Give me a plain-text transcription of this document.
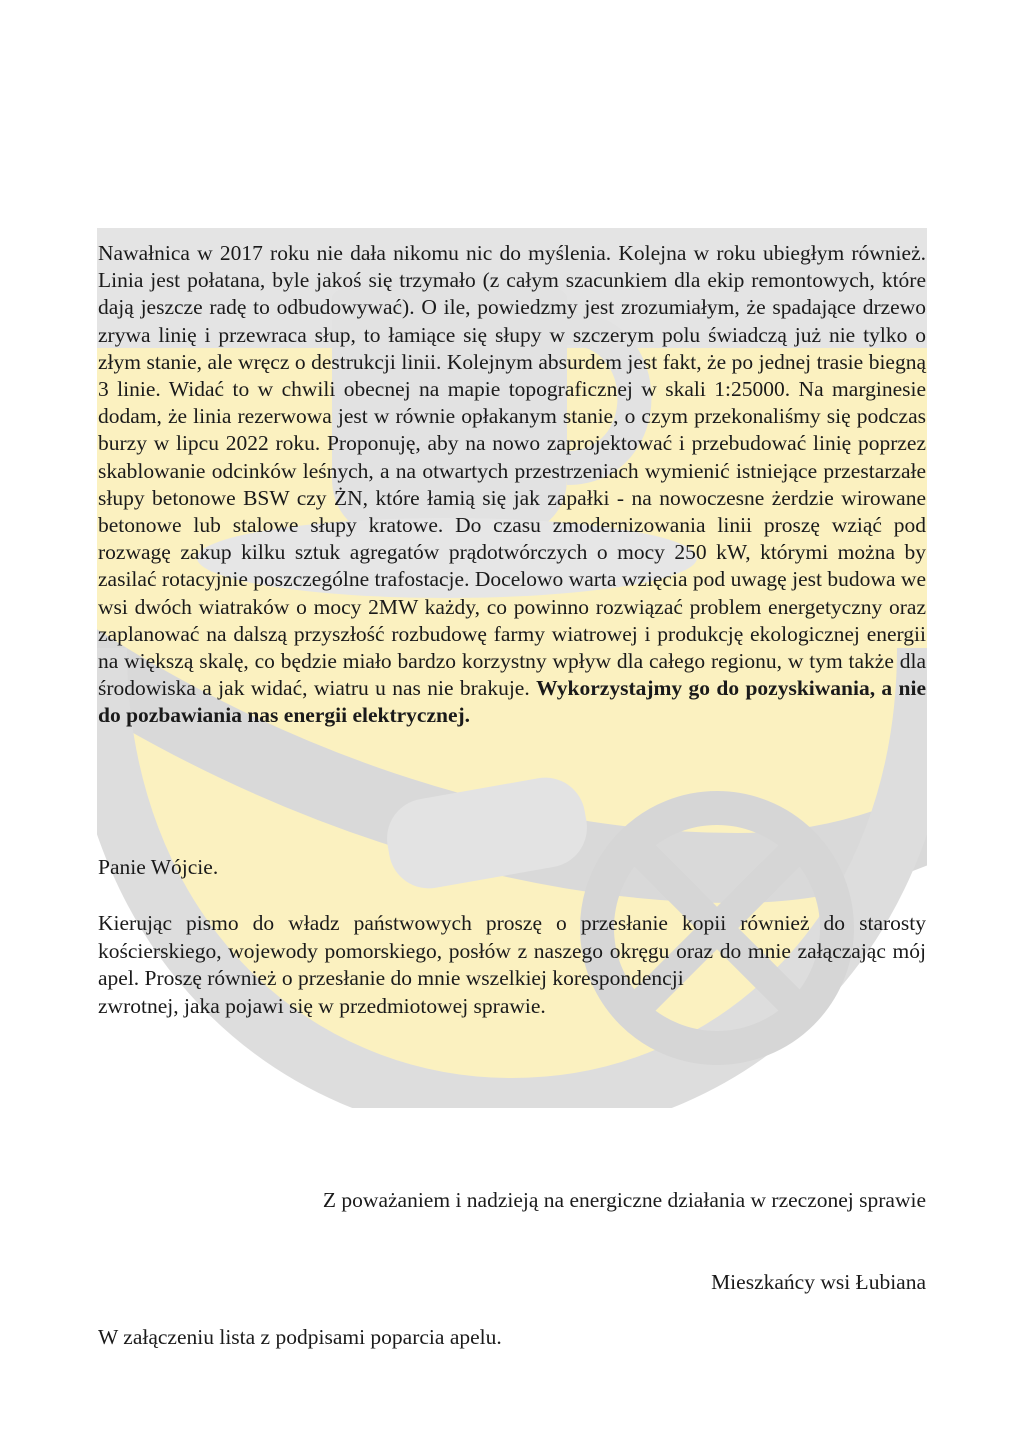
Nawałnica w 2017 roku nie dała nikomu nic do myślenia. Kolejna w roku ubiegłym również. Linia jest połatana, byle jakoś się trzymało (z całym szacunkiem dla ekip remontowych, które dają jeszcze radę to odbudowywać). O ile, powiedzmy jest zrozumiałym, że spadające drzewo zrywa linię i przewraca słup, to łamiące się słupy w szczerym polu świadczą już nie tylko o złym stanie, ale wręcz o destrukcji linii. Kolejnym absurdem jest fakt, że po jednej trasie biegną 3 linie. Widać to w chwili obecnej na mapie topograficznej w skali 1:25000. Na marginesie dodam, że linia rezerwowa jest w równie opłakanym stanie, o czym przekonaliśmy się podczas burzy w lipcu 2022 roku. Proponuję, aby na nowo zaprojektować i przebudować linię poprzez skablowanie odcinków leśnych, a na otwartych przestrzeniach wymienić istniejące przestarzałe słupy betonowe BSW czy ŻN, które łamią się jak zapałki - na nowoczesne żerdzie wirowane betonowe lub stalowe słupy kratowe. Do czasu zmodernizowania linii proszę wziąć pod rozwagę zakup kilku sztuk agregatów prądotwórczych o mocy 250 kW, którymi można by zasilać rotacyjnie poszczególne trafostacje. Docelowo warta wzięcia pod uwagę jest budowa we wsi dwóch wiatraków o mocy 2MW każdy, co powinno rozwiązać problem energetyczny oraz zaplanować na dalszą przyszłość rozbudowę farmy wiatrowej i produkcję ekologicznej energii na większą skalę, co będzie miało bardzo korzystny wpływ dla całego regionu, w tym także dla środowiska a jak widać, wiatru u nas nie brakuje. Wykorzystajmy go do pozyskiwania, a nie do pozbawiania nas energii elektrycznej.

Panie Wójcie.

Kierując pismo do władz państwowych proszę o przesłanie kopii również do starosty kościerskiego, wojewody pomorskiego, posłów z naszego okręgu oraz do mnie załączając mój apel. Proszę również o przesłanie do mnie wszelkiej korespondencji
zwrotnej, jaka pojawi się w przedmiotowej sprawie.

Z poważaniem i nadzieją na energiczne działania w rzeczonej sprawie

Mieszkańcy wsi Łubiana

W załączeniu lista z podpisami poparcia apelu.
